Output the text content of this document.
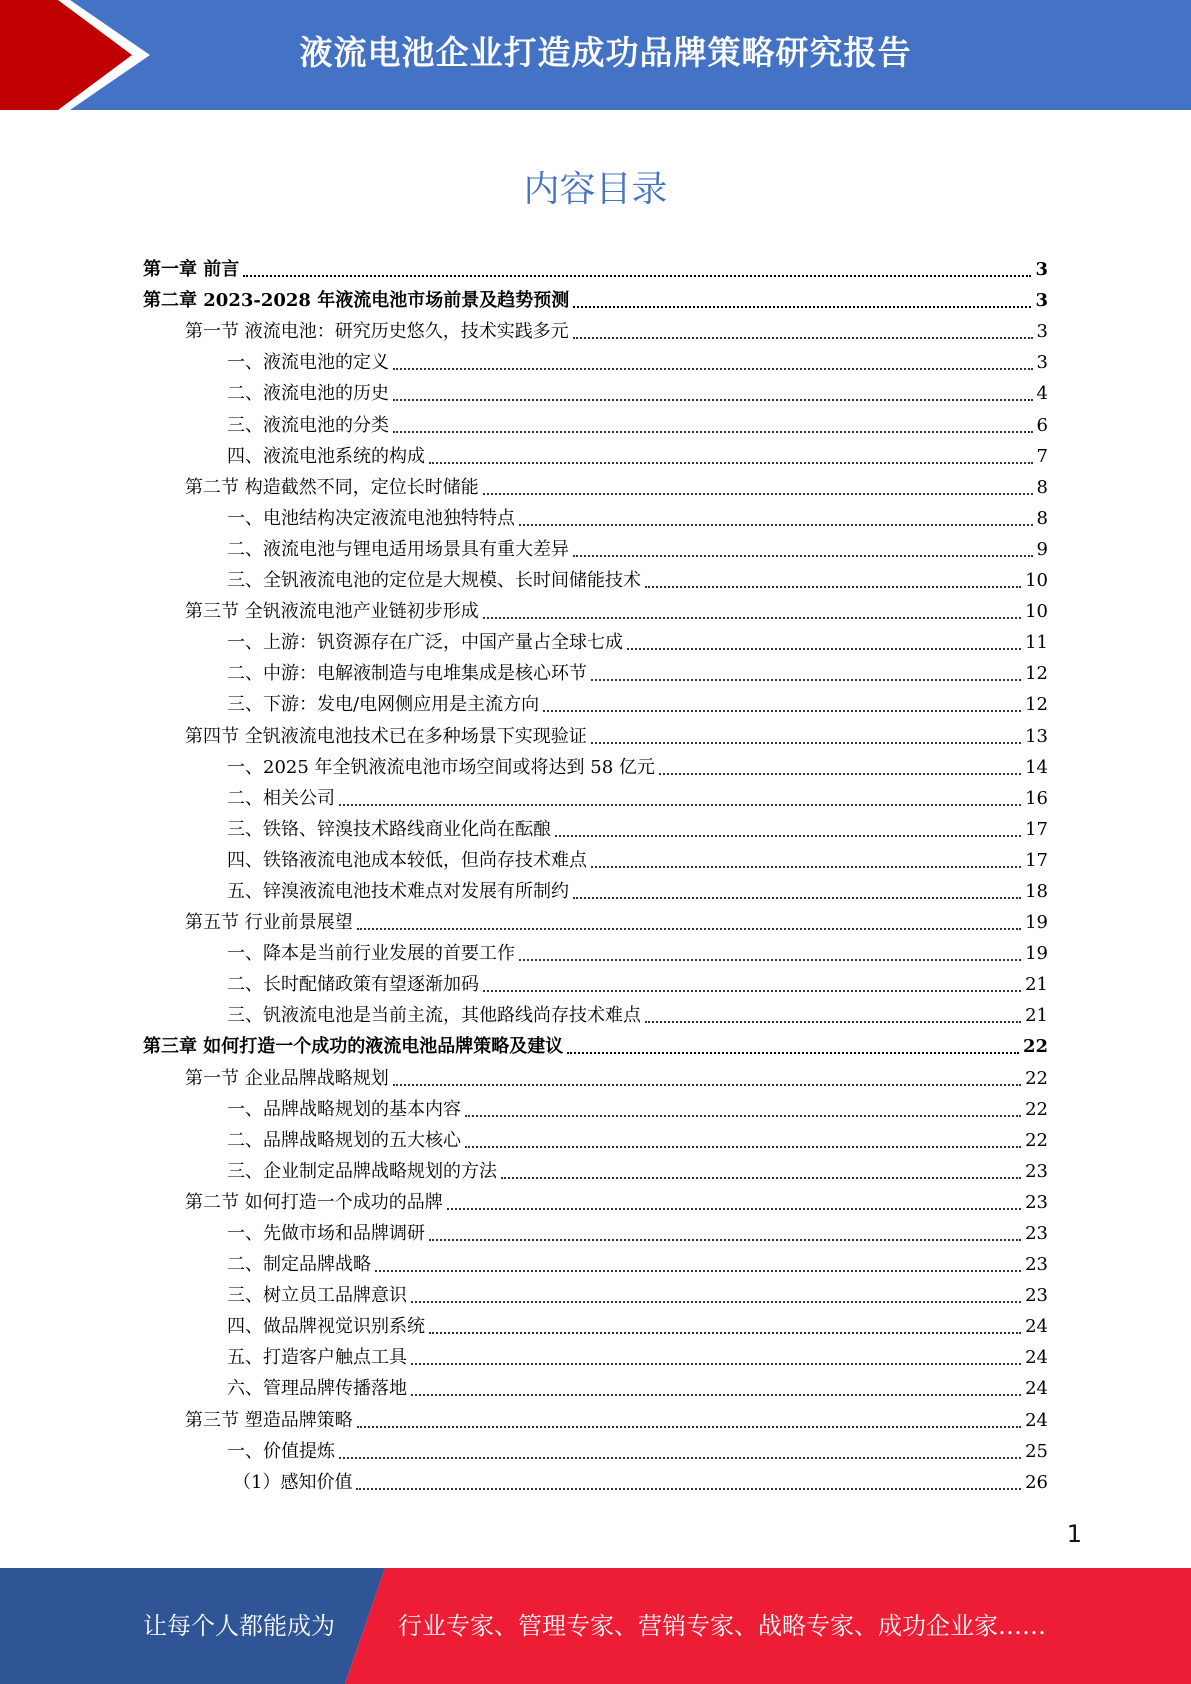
液流电池企业打造成功品牌策略研究报告
内容目录
第一章 前言	3
第二章 2023-2028 年液流电池市场前景及趋势预测	3
第一节 液流电池：研究历史悠久，技术实践多元	3
一、液流电池的定义	3
二、液流电池的历史	4
三、液流电池的分类	6
四、液流电池系统的构成	7
第二节 构造截然不同，定位长时储能	8
一、电池结构决定液流电池独特特点	8
二、液流电池与锂电适用场景具有重大差异	9
三、全钒液流电池的定位是大规模、长时间储能技术	10
第三节 全钒液流电池产业链初步形成	10
一、上游：钒资源存在广泛，中国产量占全球七成	11
二、中游：电解液制造与电堆集成是核心环节	12
三、下游：发电/电网侧应用是主流方向	12
第四节 全钒液流电池技术已在多种场景下实现验证	13
一、2025 年全钒液流电池市场空间或将达到 58 亿元	14
二、相关公司	16
三、铁铬、锌溴技术路线商业化尚在酝酿	17
四、铁铬液流电池成本较低，但尚存技术难点	17
五、锌溴液流电池技术难点对发展有所制约	18
第五节 行业前景展望	19
一、降本是当前行业发展的首要工作	19
二、长时配储政策有望逐渐加码	21
三、钒液流电池是当前主流，其他路线尚存技术难点	21
第三章 如何打造一个成功的液流电池品牌策略及建议	22
第一节 企业品牌战略规划	22
一、品牌战略规划的基本内容	22
二、品牌战略规划的五大核心	22
三、企业制定品牌战略规划的方法	23
第二节 如何打造一个成功的品牌	23
一、先做市场和品牌调研	23
二、制定品牌战略	23
三、树立员工品牌意识	23
四、做品牌视觉识别系统	24
五、打造客户触点工具	24
六、管理品牌传播落地	24
第三节 塑造品牌策略	24
一、价值提炼	25
（1）感知价值	26
1
让每个人都能成为	行业专家、管理专家、营销专家、战略专家、成功企业家……
